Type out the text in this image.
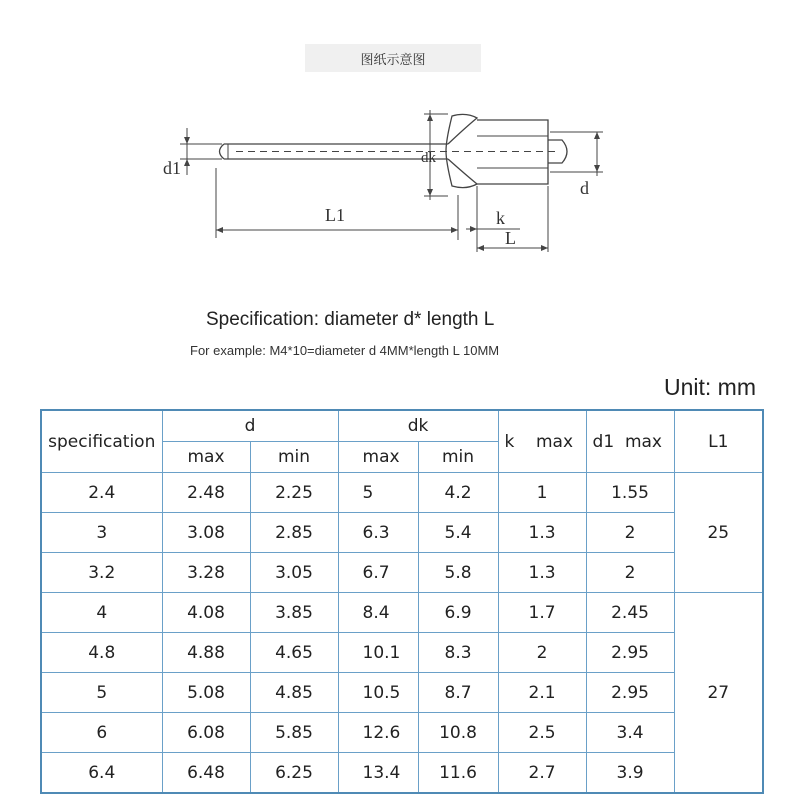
图纸示意图
d1	dk
d
L1	k
L
Specification: diameter d* length L
For example: M4*10=diameter d 4MM*length L 10MM
Unit: mm
specification	d		dk		k    max	d1  max	L1
	max	min	max	min			
2.4	2.48	2.25	5	4.2	1	1.55	25
3	3.08	2.85	6.3	5.4	1.3	2	
3.2	3.28	3.05	6.7	5.8	1.3	2	
4	4.08	3.85	8.4	6.9	1.7	2.45	27
4.8	4.88	4.65	10.1	8.3	2	2.95	
5	5.08	4.85	10.5	8.7	2.1	2.95	
6	6.08	5.85	12.6	10.8	2.5	3.4	
6.4	6.48	6.25	13.4	11.6	2.7	3.9	
